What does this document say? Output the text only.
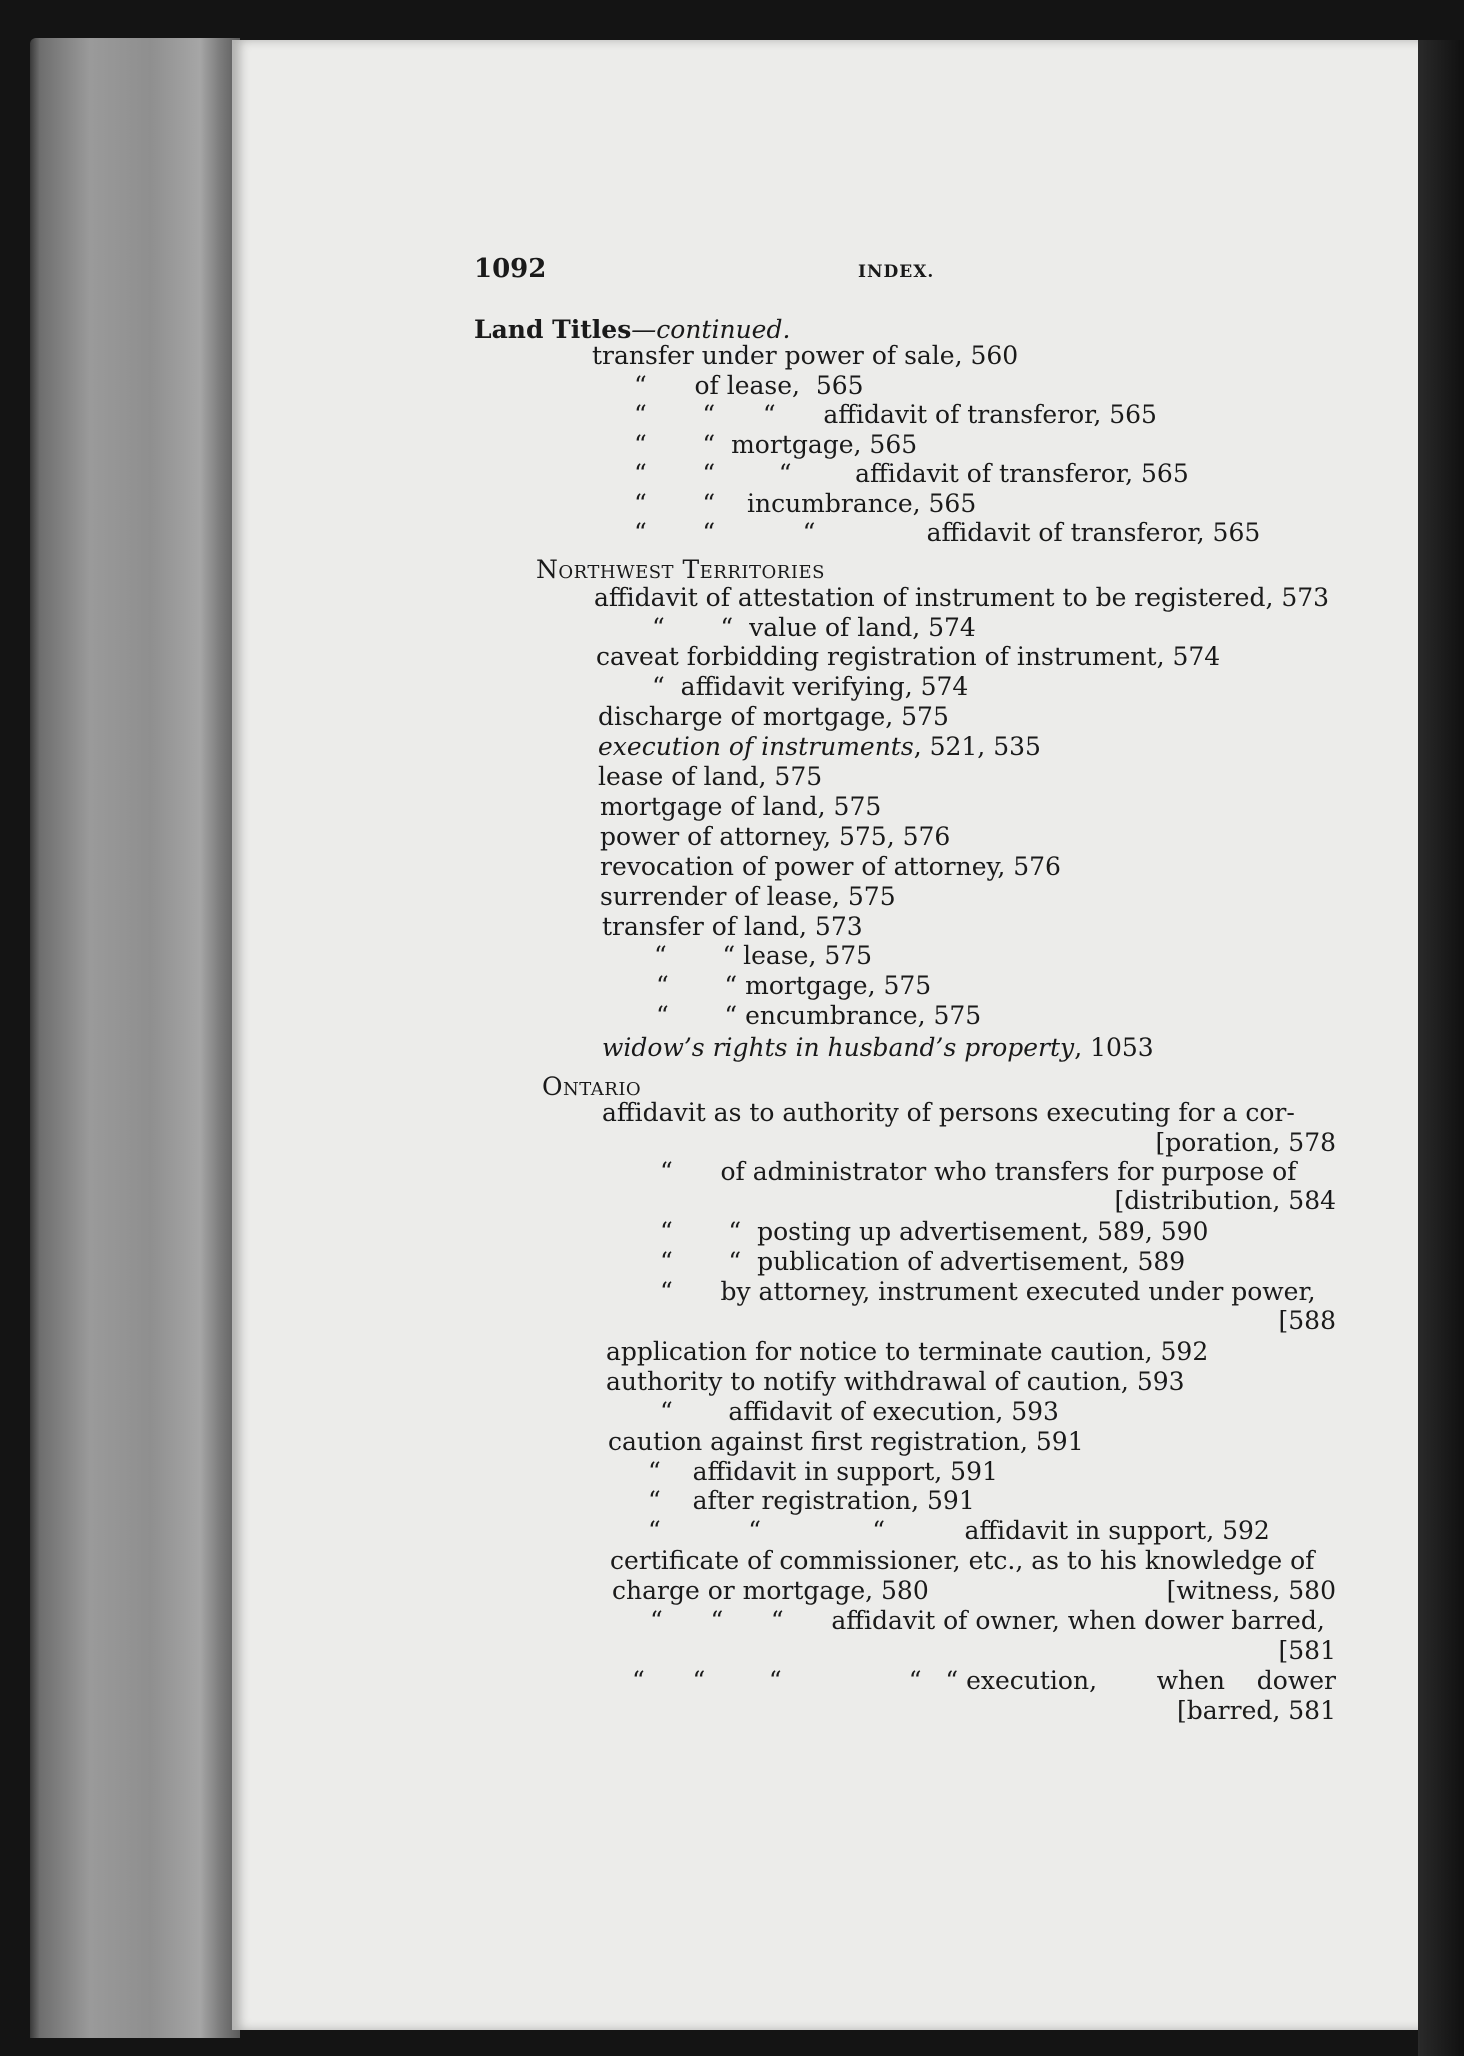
1092	INDEX.
Land Titles—continued.
transfer under power of sale, 560
“      of lease,  565
“       “      “      affidavit of transferor, 565
“       “  mortgage, 565
“       “        “        affidavit of transferor, 565
“       “    incumbrance, 565
“       “           “              affidavit of transferor, 565
Northwest Territories
affidavit of attestation of instrument to be registered, 573
“       “  value of land, 574
caveat forbidding registration of instrument, 574
“  affidavit verifying, 574
discharge of mortgage, 575
execution of instruments, 521, 535
lease of land, 575
mortgage of land, 575
power of attorney, 575, 576
revocation of power of attorney, 576
surrender of lease, 575
transfer of land, 573
“       “ lease, 575
“       “ mortgage, 575
“       “ encumbrance, 575
widow’s rights in husband’s property, 1053
Ontario
affidavit as to authority of persons executing for a cor-
[poration, 578
“      of administrator who transfers for purpose of
[distribution, 584
“       “  posting up advertisement, 589, 590
“       “  publication of advertisement, 589
“      by attorney, instrument executed under power,
[588
application for notice to terminate caution, 592
authority to notify withdrawal of caution, 593
“       affidavit of execution, 593
caution against first registration, 591
“    affidavit in support, 591
“    after registration, 591
“           “              “          affidavit in support, 592
certificate of commissioner, etc., as to his knowledge of
charge or mortgage, 580	[witness, 580
“      “      “      affidavit of owner, when dower barred,
[581
“      “        “                “   “ execution, when    dower
[barred, 581
